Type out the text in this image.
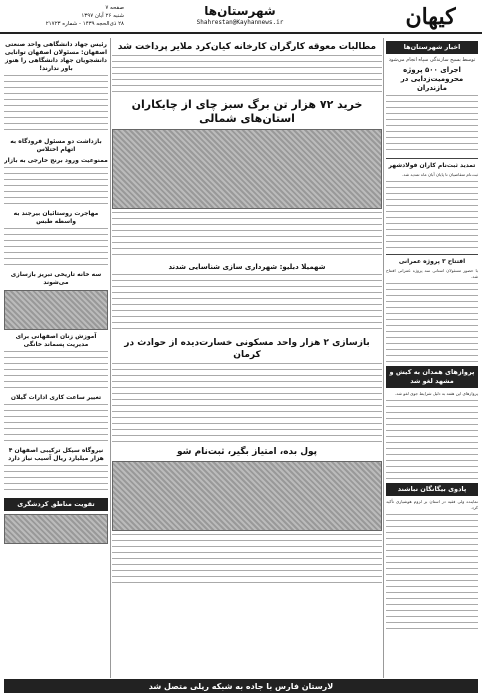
کیهان
شهرستان‌ها
Shahrestan@Kayhannews.ir
صفحه ۷
شنبه ۲۶ آبان ۱۳۹۷
۲۸ ذی‌الحجه ۱۴۳۹ - شماره ۲۱۷۲۳
اخبار شهرستان‌ها
توسط بسیج سازندگی سپاه انجام می‌شود
اجرای ۵۰۰ پروژه محرومیت‌زدایی در مازندران
تمدید ثبت‌نام کاران فولادشهر
ثبت‌نام متقاضیان تا پایان آبان ماه تمدید شد.
افتتاح ۳ پروژه عمرانی
با حضور مسئولان استانی سه پروژه عمرانی افتتاح شد.
پروازهای همدان به کیش و مشهد لغو شد
پروازهای این هفته به دلیل شرایط جوی لغو شد.
پادوی بیگانگان نباشند
نماینده ولی فقیه در استان بر لزوم هوشیاری تأکید کرد.
مطالبات معوقه کارگران کارخانه کیان‌کرد ملایر پرداخت شد
خرید ۷۲ هزار تن برگ سبز چای از چایکاران استان‌های شمالی
شهمیلا دبلیو: شهرداری سازی شناسایی شدند
بازسازی ۲ هزار واحد مسکونی خسارت‌دیده از حوادث در کرمان
پول بده، امتیاز بگیر، ثبت‌نام شو
رئیس جهاد دانشگاهی واحد صنعتی اصفهان: مسئولان اصفهان توانایی دانشجویان جهاد دانشگاهی را هنوز باور ندارند!
بازداشت دو مسئول فرودگاه به اتهام اختلاس
ممنوعیت ورود برنج خارجی به بازار
مهاجرت روستائیان بیرجند به واسطه طبس
سه خانه تاریخی تبریز بازسازی می‌شوند
آموزش زنان اصفهانی برای مدیریت پسماند خانگی
تغییر ساعت کاری ادارات گیلان
نیروگاه سیکل ترکیبی اصفهان ۴ هزار میلیارد ریال آسیب نیاز دارد
تقویت مناطق کردشگری
لارستان فارس با جاده به شبکه ریلی متصل شد
